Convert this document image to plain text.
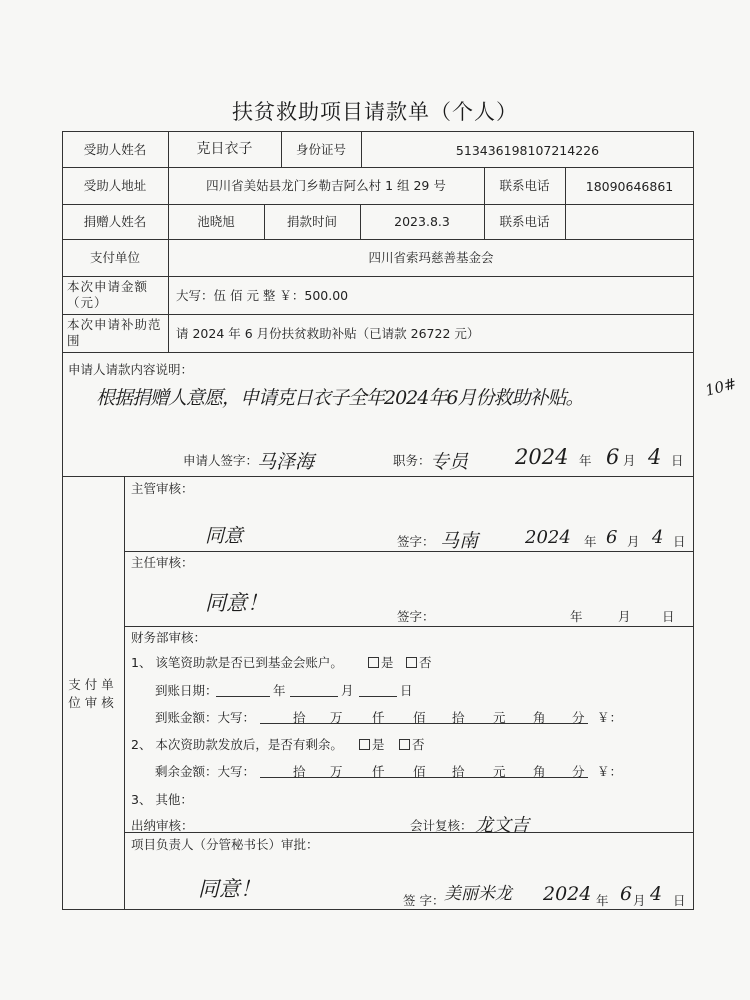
扶贫救助项目请款单（个人）
受助人姓名	克日衣子	身份证号	513436198107214226
受助人地址	四川省美姑县龙门乡勒吉阿么村 1 组 29 号	联系电话	18090646861
捐赠人姓名	池晓旭	捐款时间	2023.8.3	联系电话
支付单位	四川省索玛慈善基金会
本次申请金额（元）	大写：伍 佰 元 整 ￥：500.00
本次申请补助范围	请 2024 年 6 月份扶贫救助补贴（已请款 26722 元）
申请人请款内容说明：
根据捐赠人意愿，申请克日衣子全年2024年6月份救助补贴。	10#
申请人签字：
马泽海	职务： 专员 2024 年 6 月 4 日
支付单位审核
主管审核：
同意	签字： 马南	2024 年 6 月 4 日
主任审核：
同意！
签字：	年	月	日
财务部审核：
1、 该笔资助款是否已到基金会账户。	是	否
到账日期：	年	月	日
到账金额：大写：	拾 万 仟 佰 拾 元 角 分 ￥：
2、 本次资助款发放后，是否有剩余。	是	否
剩余金额：大写：	拾 万 仟 佰 拾 元 角 分 ￥：
3、 其他：
出纳审核：	会计复核： 龙文吉
项目负责人（分管秘书长）审批：
同意！	签 字： 美丽米龙 2024 年 6 月 4 日
